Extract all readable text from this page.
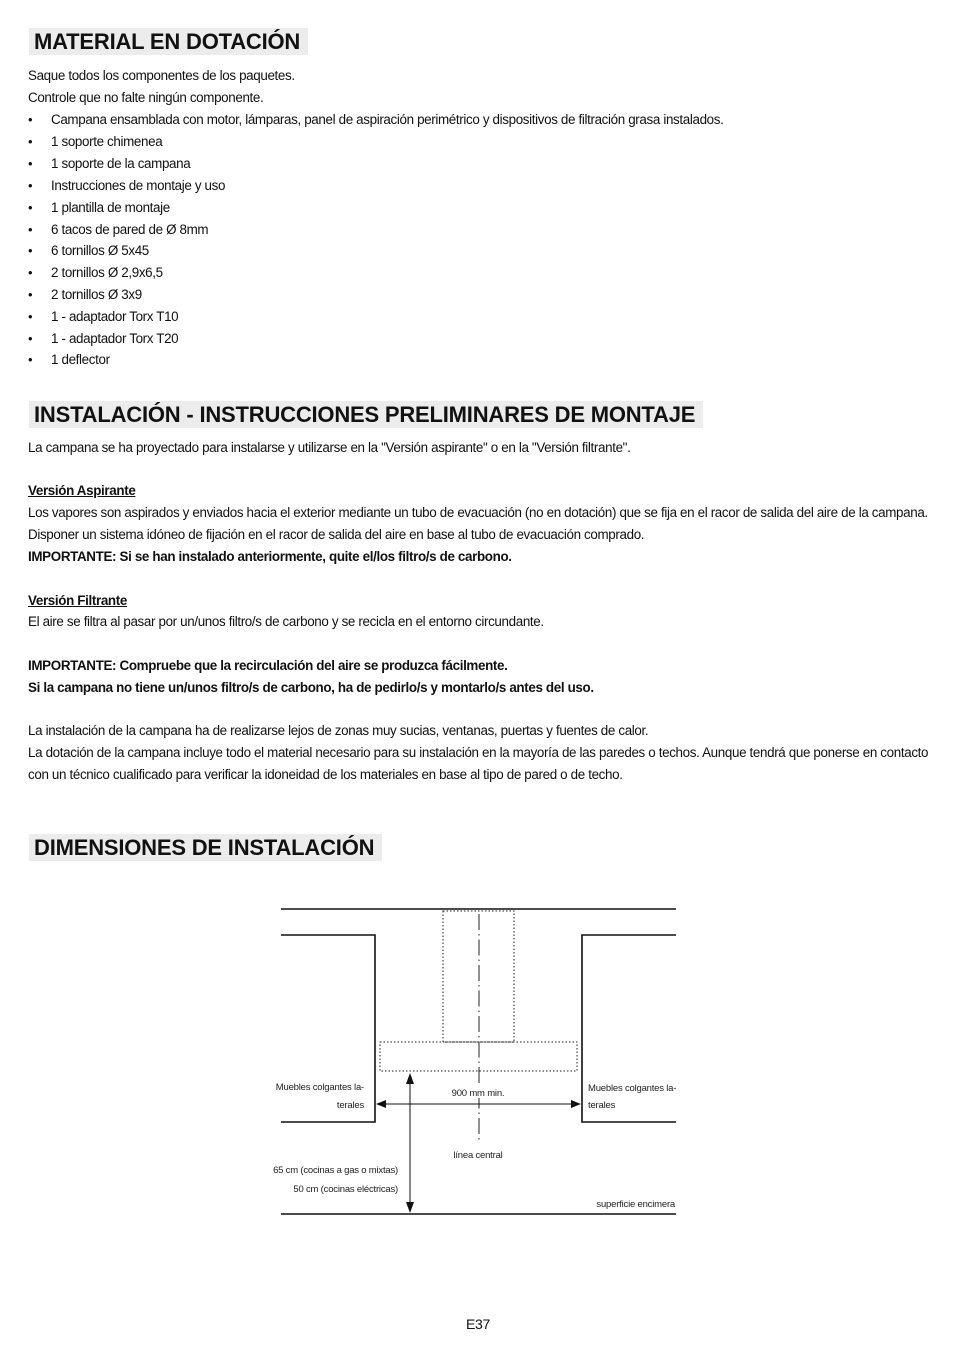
MATERIAL EN DOTACIÓN
Saque todos los componentes de los paquetes.
Controle que no falte ningún componente.
• Campana ensamblada con motor, lámparas, panel de aspiración perimétrico y dispositivos de filtración grasa instalados.
• 1 soporte chimenea
• 1 soporte de la campana
• Instrucciones de montaje y uso
• 1 plantilla de montaje
• 6 tacos de pared de Ø 8mm
• 6 tornillos Ø 5x45
• 2 tornillos Ø 2,9x6,5
• 2 tornillos Ø 3x9
• 1 - adaptador Torx T10
• 1 - adaptador Torx T20
• 1 deflector
INSTALACIÓN - INSTRUCCIONES PRELIMINARES DE MONTAJE
La campana se ha proyectado para instalarse y utilizarse en la "Versión aspirante" o en la "Versión filtrante".
Versión Aspirante
Los vapores son aspirados y enviados hacia el exterior mediante un tubo de evacuación (no en dotación) que se fija en el racor de salida del aire de la campana.
Disponer un sistema idóneo de fijación en el racor de salida del aire en base al tubo de evacuación comprado.
IMPORTANTE: Si se han instalado anteriormente, quite el/los filtro/s de carbono.
Versión Filtrante
El aire se filtra al pasar por un/unos filtro/s de carbono y se recicla en el entorno circundante.
IMPORTANTE: Compruebe que la recirculación del aire se produzca fácilmente.
Si la campana no tiene un/unos filtro/s de carbono, ha de pedirlo/s y montarlo/s antes del uso.
La instalación de la campana ha de realizarse lejos de zonas muy sucias, ventanas, puertas y fuentes de calor.
La dotación de la campana incluye todo el material necesario para su instalación en la mayoría de las paredes o techos. Aunque tendrá que ponerse en contacto
con un técnico cualificado para verificar la idoneidad de los materiales en base al tipo de pared o de techo.
DIMENSIONES DE INSTALACIÓN
Muebles colgantes la-
terales
Muebles colgantes la-
terales
900 mm min.
línea central
65 cm (cocinas a gas o mixtas)
50 cm (cocinas eléctricas)
superficie encimera
E37
